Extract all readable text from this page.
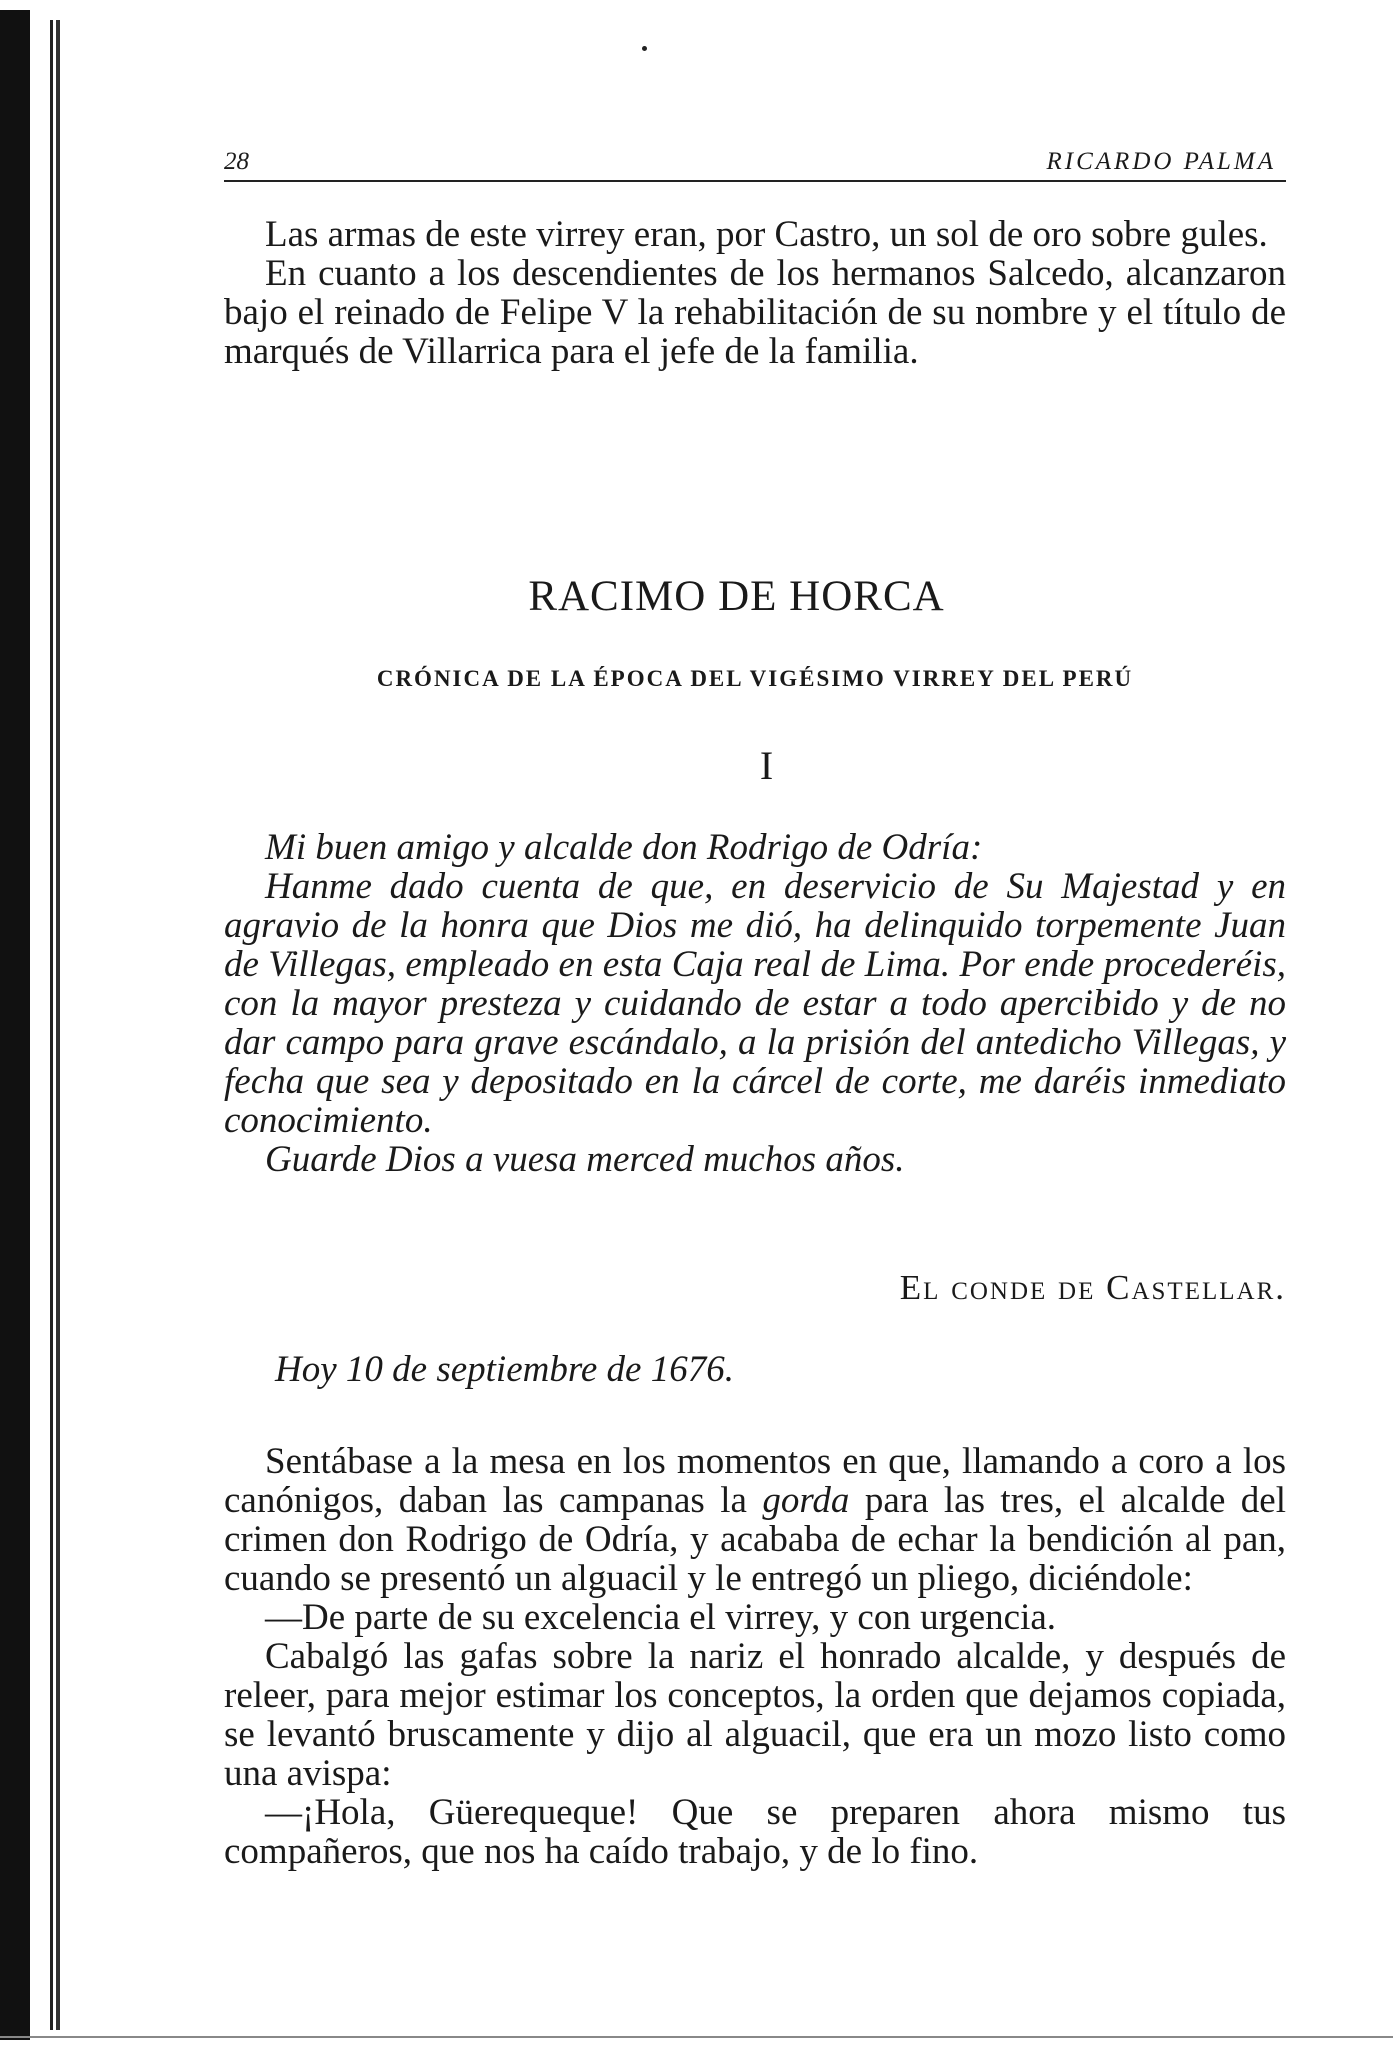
28	RICARDO PALMA

Las armas de este virrey eran, por Castro, un sol de oro sobre gules.

En cuanto a los descendientes de los hermanos Salcedo, alcanzaron bajo el reinado de Felipe V la rehabilitación de su nombre y el título de marqués de Villarrica para el jefe de la familia.

RACIMO DE HORCA
CRÓNICA DE LA ÉPOCA DEL VIGÉSIMO VIRREY DEL PERÚ
I

Mi buen amigo y alcalde don Rodrigo de Odría:

Hanme dado cuenta de que, en deservicio de Su Majestad y en agravio de la honra que Dios me dió, ha delinquido torpemente Juan de Villegas, empleado en esta Caja real de Lima. Por ende procederéis, con la mayor presteza y cuidando de estar a todo apercibido y de no dar campo para grave escándalo, a la prisión del antedicho Villegas, y fecha que sea y depositado en la cárcel de corte, me daréis inmediato conocimiento.

Guarde Dios a vuesa merced muchos años.

El conde de Castellar.
Hoy 10 de septiembre de 1676.

Sentábase a la mesa en los momentos en que, llamando a coro a los canónigos, daban las campanas la gorda para las tres, el alcalde del crimen don Rodrigo de Odría, y acababa de echar la bendición al pan, cuando se presentó un alguacil y le entregó un pliego, diciéndole:

—De parte de su excelencia el virrey, y con urgencia.

Cabalgó las gafas sobre la nariz el honrado alcalde, y después de releer, para mejor estimar los conceptos, la orden que dejamos copiada, se levantó bruscamente y dijo al alguacil, que era un mozo listo como una avispa:

—¡Hola, Güerequeque! Que se preparen ahora mismo tus compañeros, que nos ha caído trabajo, y de lo fino.
